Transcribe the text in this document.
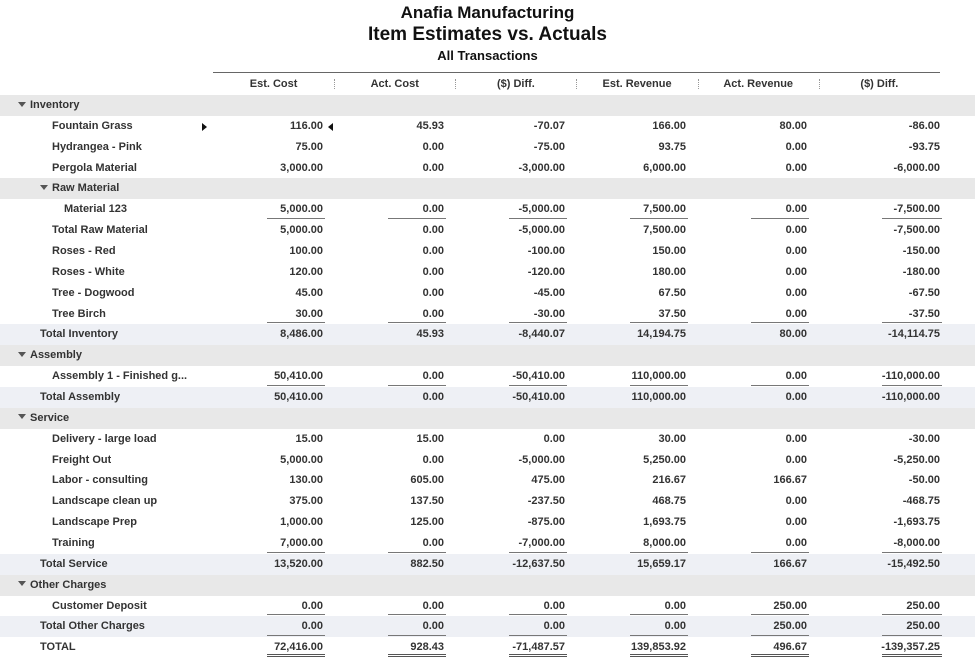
Anafia Manufacturing
Item Estimates vs. Actuals
All Transactions
Est. Cost	Act. Cost	($) Diff.	Est. Revenue	Act. Revenue	($) Diff.
Inventory
Fountain Grass	116.00	45.93	-70.07	166.00	80.00	-86.00
Hydrangea - Pink	75.00	0.00	-75.00	93.75	0.00	-93.75
Pergola Material	3,000.00	0.00	-3,000.00	6,000.00	0.00	-6,000.00
Raw Material
Material 123	5,000.00	0.00	-5,000.00	7,500.00	0.00	-7,500.00
Total Raw Material	5,000.00	0.00	-5,000.00	7,500.00	0.00	-7,500.00
Roses - Red	100.00	0.00	-100.00	150.00	0.00	-150.00
Roses - White	120.00	0.00	-120.00	180.00	0.00	-180.00
Tree - Dogwood	45.00	0.00	-45.00	67.50	0.00	-67.50
Tree Birch	30.00	0.00	-30.00	37.50	0.00	-37.50
Total Inventory	8,486.00	45.93	-8,440.07	14,194.75	80.00	-14,114.75
Assembly
Assembly 1 - Finished g...	50,410.00	0.00	-50,410.00	110,000.00	0.00	-110,000.00
Total Assembly	50,410.00	0.00	-50,410.00	110,000.00	0.00	-110,000.00
Service
Delivery - large load	15.00	15.00	0.00	30.00	0.00	-30.00
Freight Out	5,000.00	0.00	-5,000.00	5,250.00	0.00	-5,250.00
Labor - consulting	130.00	605.00	475.00	216.67	166.67	-50.00
Landscape clean up	375.00	137.50	-237.50	468.75	0.00	-468.75
Landscape Prep	1,000.00	125.00	-875.00	1,693.75	0.00	-1,693.75
Training	7,000.00	0.00	-7,000.00	8,000.00	0.00	-8,000.00
Total Service	13,520.00	882.50	-12,637.50	15,659.17	166.67	-15,492.50
Other Charges
Customer Deposit	0.00	0.00	0.00	0.00	250.00	250.00
Total Other Charges	0.00	0.00	0.00	0.00	250.00	250.00
TOTAL	72,416.00	928.43	-71,487.57	139,853.92	496.67	-139,357.25
